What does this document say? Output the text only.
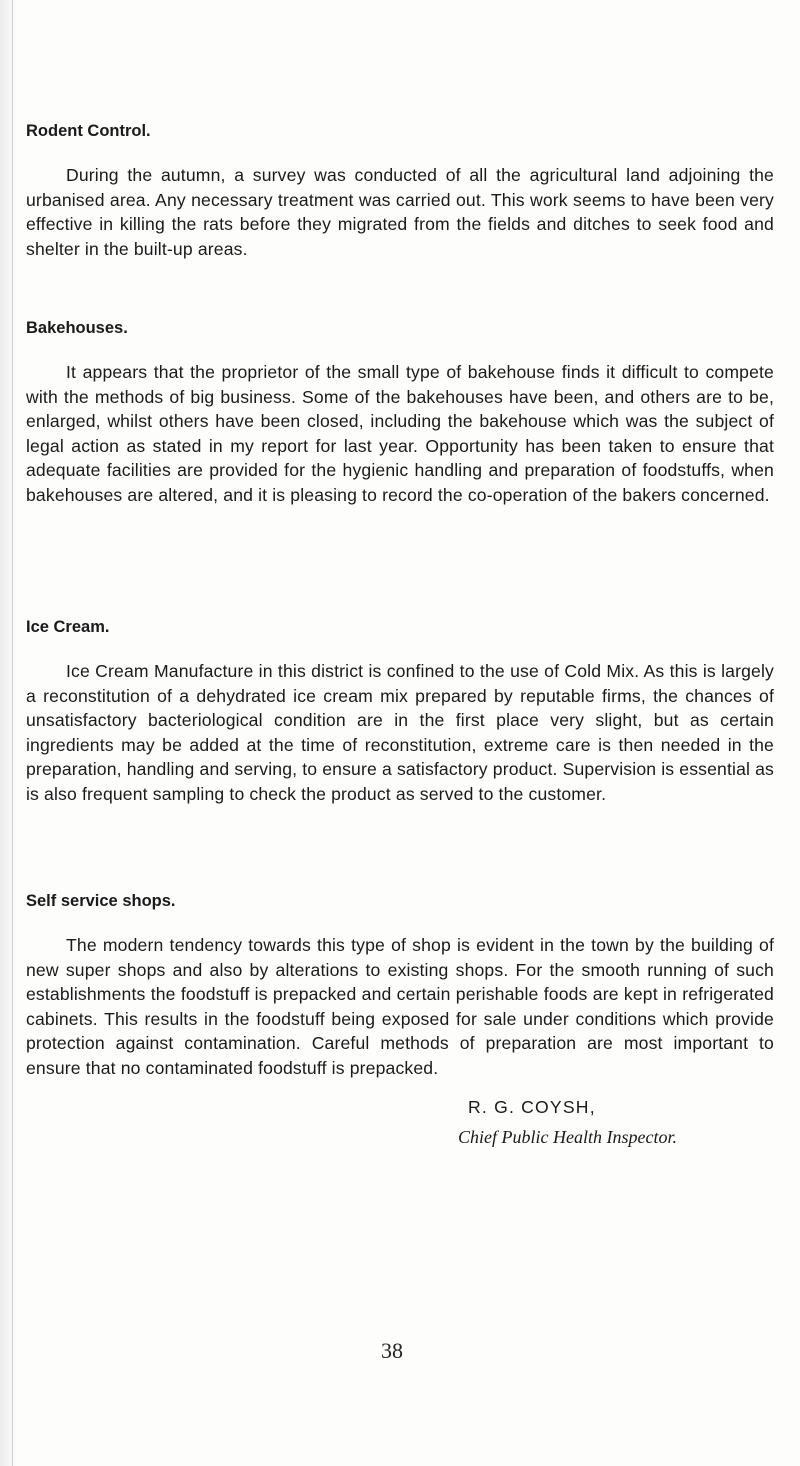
Rodent Control.

During the autumn, a survey was conducted of all the agricultural land adjoining the urbanised area. Any necessary treatment was carried out. This work seems to have been very effective in killing the rats before they migrated from the fields and ditches to seek food and shelter in the built-up areas.

Bakehouses.

It appears that the proprietor of the small type of bakehouse finds it difficult to compete with the methods of big business. Some of the bakehouses have been, and others are to be, enlarged, whilst others have been closed, including the bakehouse which was the subject of legal action as stated in my report for last year. Opportunity has been taken to ensure that adequate facilities are provided for the hygienic handling and preparation of foodstuffs, when bakehouses are altered, and it is pleasing to record the co-operation of the bakers concerned.

Ice Cream.

Ice Cream Manufacture in this district is confined to the use of Cold Mix. As this is largely a reconstitution of a dehydrated ice cream mix prepared by reputable firms, the chances of unsatisfactory bacteriological condition are in the first place very slight, but as certain ingredients may be added at the time of reconstitution, extreme care is then needed in the preparation, handling and serving, to ensure a satisfactory product. Supervision is essential as is also frequent sampling to check the product as served to the customer.

Self service shops.

The modern tendency towards this type of shop is evident in the town by the building of new super shops and also by alterations to existing shops. For the smooth running of such establishments the foodstuff is prepacked and certain perishable foods are kept in refrigerated cabinets. This results in the foodstuff being exposed for sale under conditions which provide protection against contamination. Careful methods of preparation are most important to ensure that no contaminated foodstuff is prepacked.

R. G. COYSH,
Chief Public Health Inspector.
38
